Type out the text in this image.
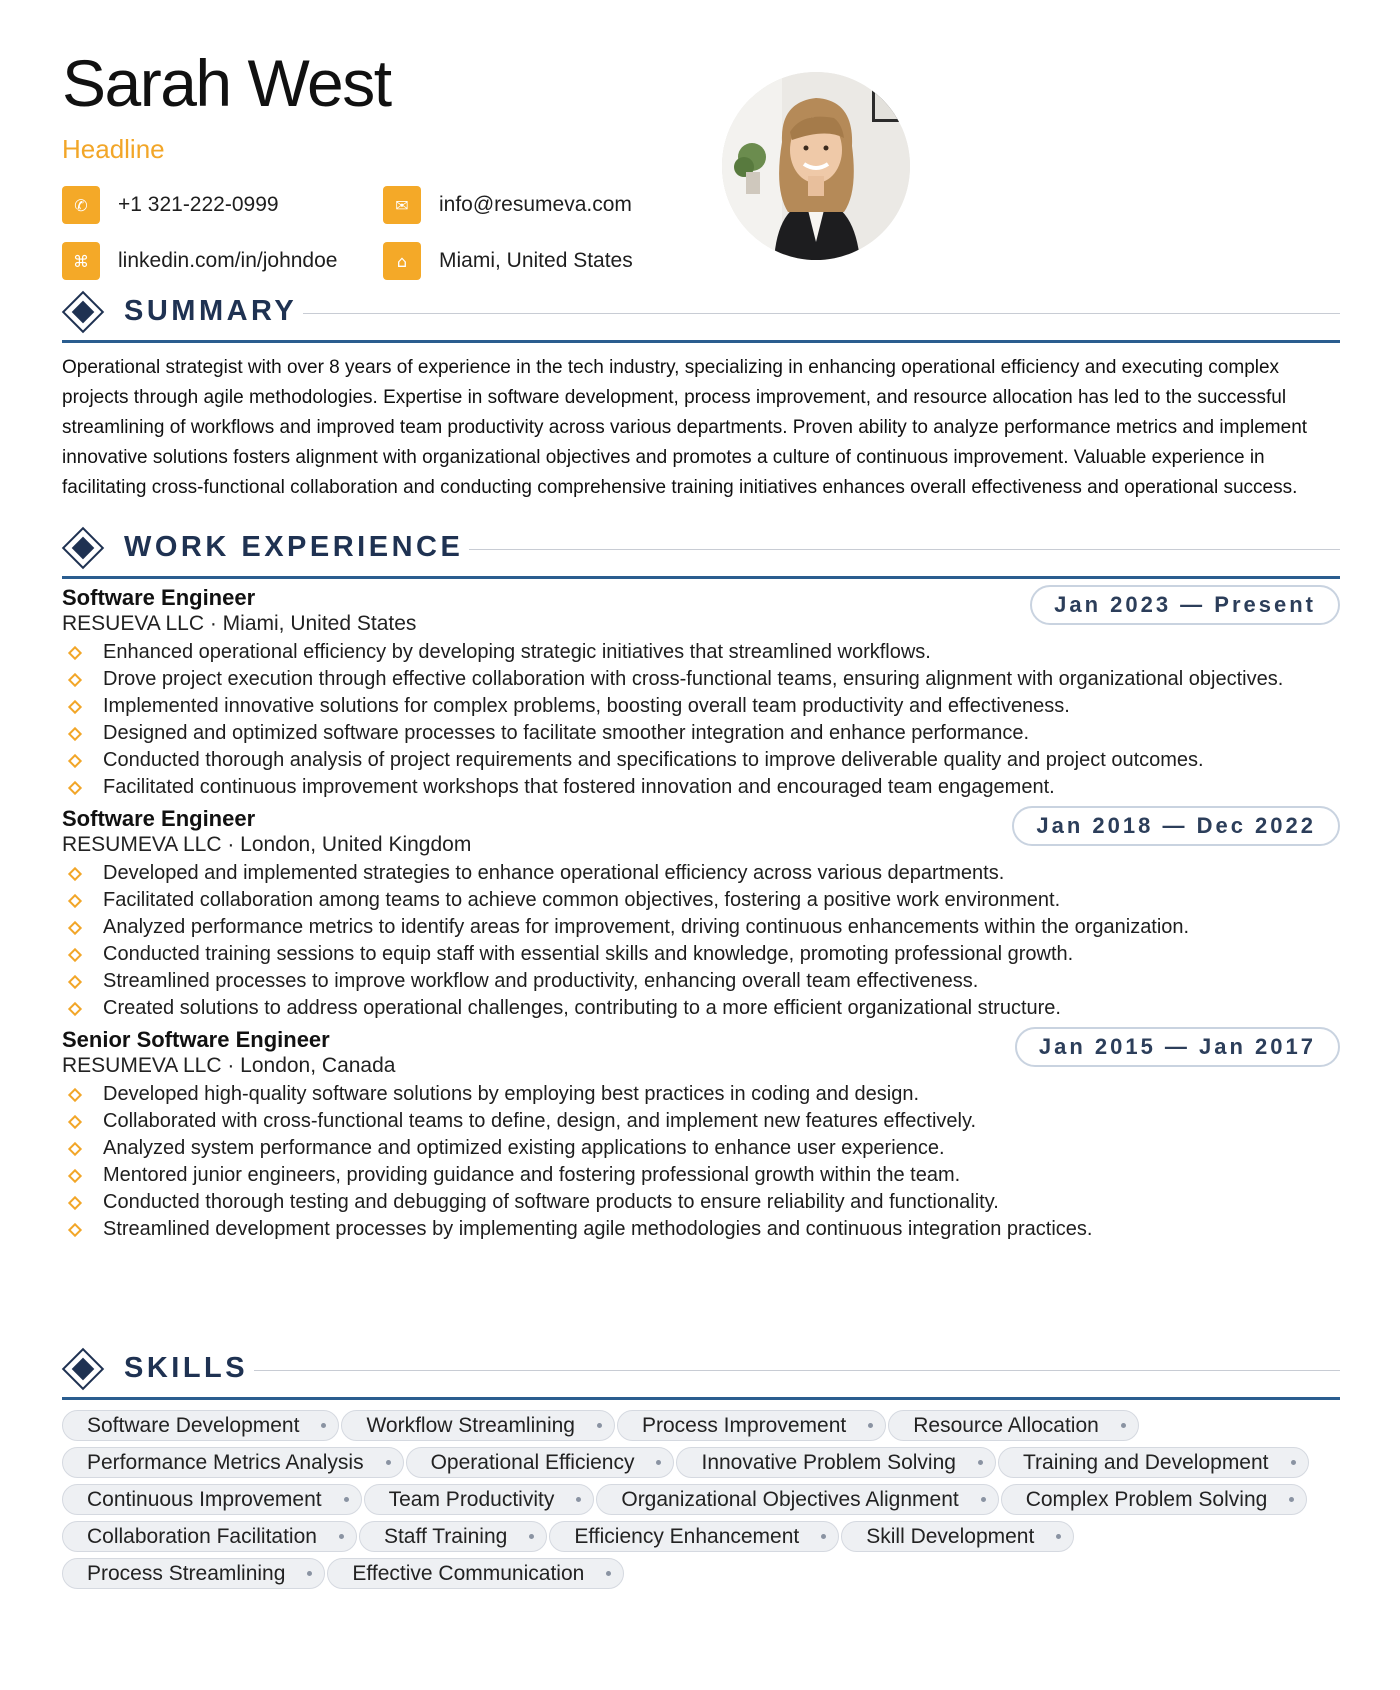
Sarah West
Headline
✆	+1 321-222-0999	✉	info@resumeva.com
⌘	linkedin.com/in/johndoe	⌂	Miami, United States
SUMMARY

Operational strategist with over 8 years of experience in the tech industry, specializing in enhancing operational efficiency and executing complex projects through agile methodologies. Expertise in software development, process improvement, and resource allocation has led to the successful streamlining of workflows and improved team productivity across various departments. Proven ability to analyze performance metrics and implement innovative solutions fosters alignment with organizational objectives and promotes a culture of continuous improvement. Valuable experience in facilitating cross-functional collaboration and conducting comprehensive training initiatives enhances overall effectiveness and operational success.

WORK EXPERIENCE
Software Engineer
RESUEVA LLC · Miami, United States
Jan 2023 — Present
Enhanced operational efficiency by developing strategic initiatives that streamlined workflows.
Drove project execution through effective collaboration with cross-functional teams, ensuring alignment with organizational objectives.
Implemented innovative solutions for complex problems, boosting overall team productivity and effectiveness.
Designed and optimized software processes to facilitate smoother integration and enhance performance.
Conducted thorough analysis of project requirements and specifications to improve deliverable quality and project outcomes.
Facilitated continuous improvement workshops that fostered innovation and encouraged team engagement.
Software Engineer
RESUMEVA LLC · London, United Kingdom
Jan 2018 — Dec 2022
Developed and implemented strategies to enhance operational efficiency across various departments.
Facilitated collaboration among teams to achieve common objectives, fostering a positive work environment.
Analyzed performance metrics to identify areas for improvement, driving continuous enhancements within the organization.
Conducted training sessions to equip staff with essential skills and knowledge, promoting professional growth.
Streamlined processes to improve workflow and productivity, enhancing overall team effectiveness.
Created solutions to address operational challenges, contributing to a more efficient organizational structure.
Senior Software Engineer
RESUMEVA LLC · London, Canada
Jan 2015 — Jan 2017
Developed high-quality software solutions by employing best practices in coding and design.
Collaborated with cross-functional teams to define, design, and implement new features effectively.
Analyzed system performance and optimized existing applications to enhance user experience.
Mentored junior engineers, providing guidance and fostering professional growth within the team.
Conducted thorough testing and debugging of software products to ensure reliability and functionality.
Streamlined development processes by implementing agile methodologies and continuous integration practices.
SKILLS
Software Development	Workflow Streamlining	Process Improvement	Resource Allocation
Performance Metrics Analysis	Operational Efficiency	Innovative Problem Solving	Training and Development
Continuous Improvement	Team Productivity	Organizational Objectives Alignment	Complex Problem Solving
Collaboration Facilitation	Staff Training	Efficiency Enhancement	Skill Development
Process Streamlining	Effective Communication
